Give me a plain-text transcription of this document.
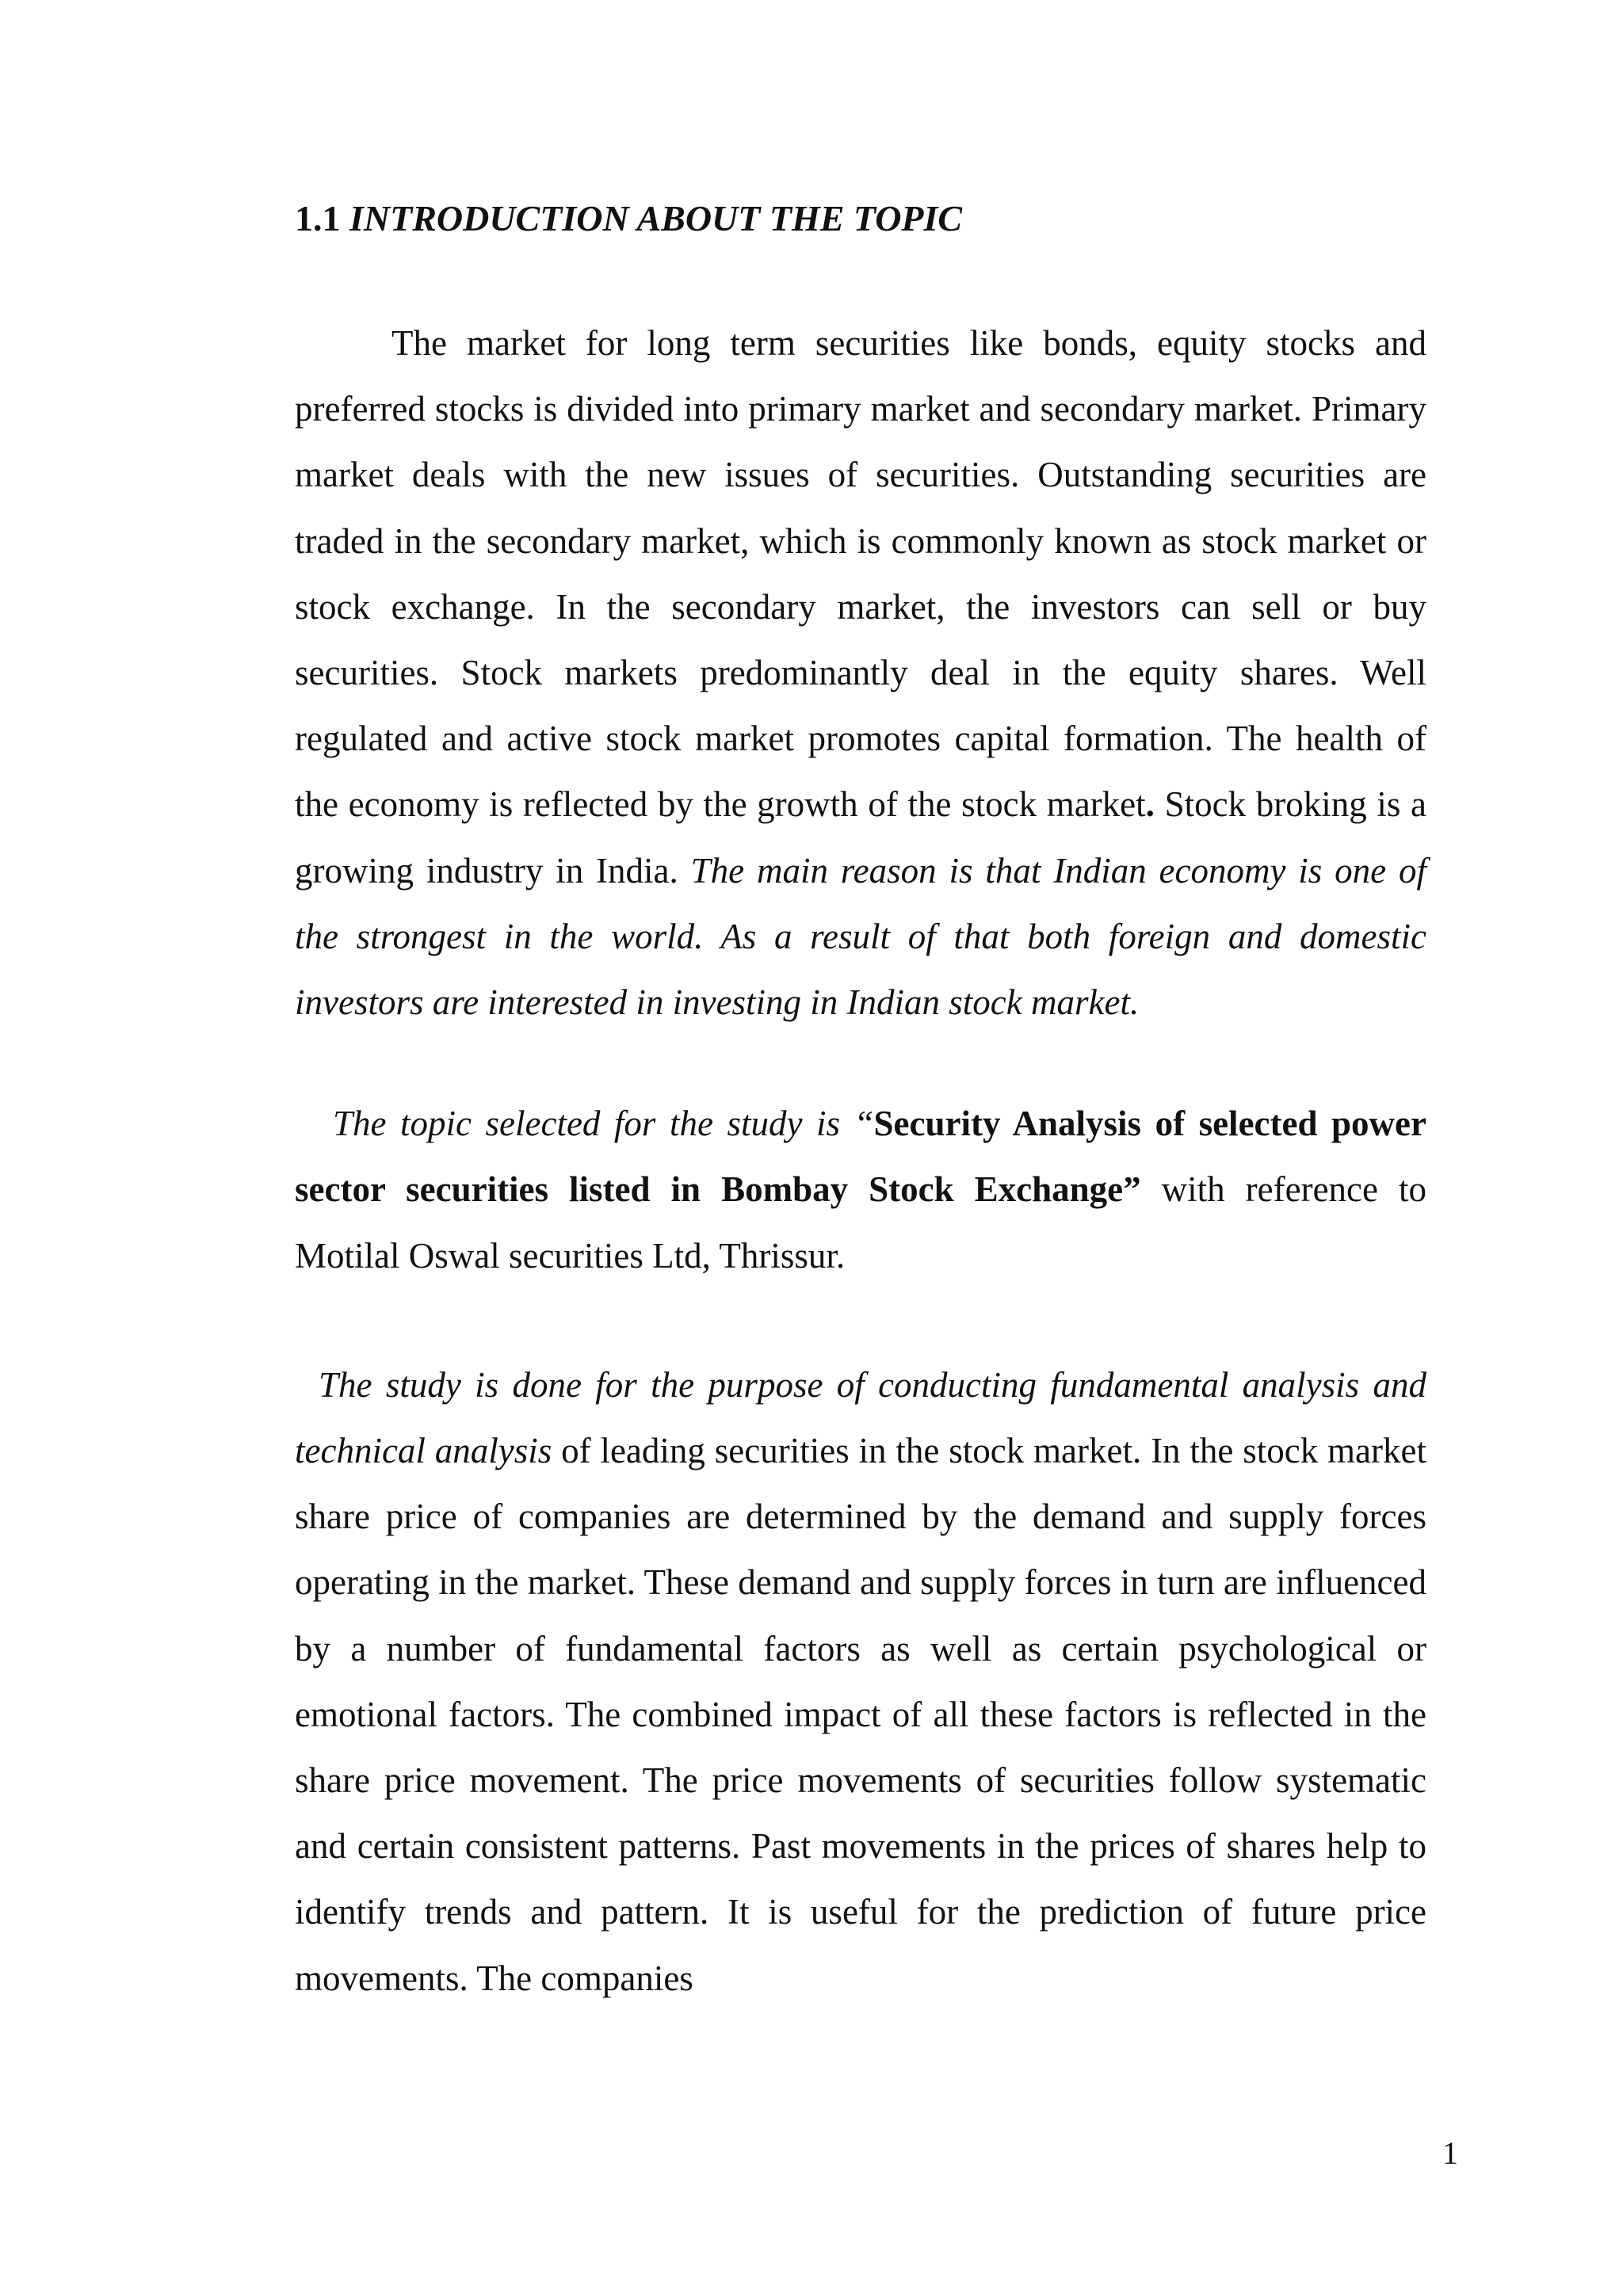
1.1 INTRODUCTION ABOUT THE TOPIC

The market for long term securities like bonds, equity stocks and preferred stocks is divided into primary market and secondary market. Primary market deals with the new issues of securities. Outstanding securities are traded in the secondary market, which is commonly known as stock market or stock exchange. In the secondary market, the investors can sell or buy securities. Stock markets predominantly deal in the equity shares. Well regulated and active stock market promotes capital formation. The health of the economy is reflected by the growth of the stock market. Stock broking is a growing industry in India. The main reason is that Indian economy is one of the strongest in the world. As a result of that both foreign and domestic investors are interested in investing in Indian stock market.

The topic selected for the study is “Security Analysis of selected power sector securities listed in Bombay Stock Exchange” with reference to Motilal Oswal securities Ltd, Thrissur.

The study is done for the purpose of conducting fundamental analysis and technical analysis of leading securities in the stock market. In the stock market share price of companies are determined by the demand and supply forces operating in the market. These demand and supply forces in turn are influenced by a number of fundamental factors as well as certain psychological or emotional factors. The combined impact of all these factors is reflected in the share price movement. The price movements of securities follow systematic and certain consistent patterns. Past movements in the prices of shares help to identify trends and pattern. It is useful for the prediction of future price movements. The companies

1
